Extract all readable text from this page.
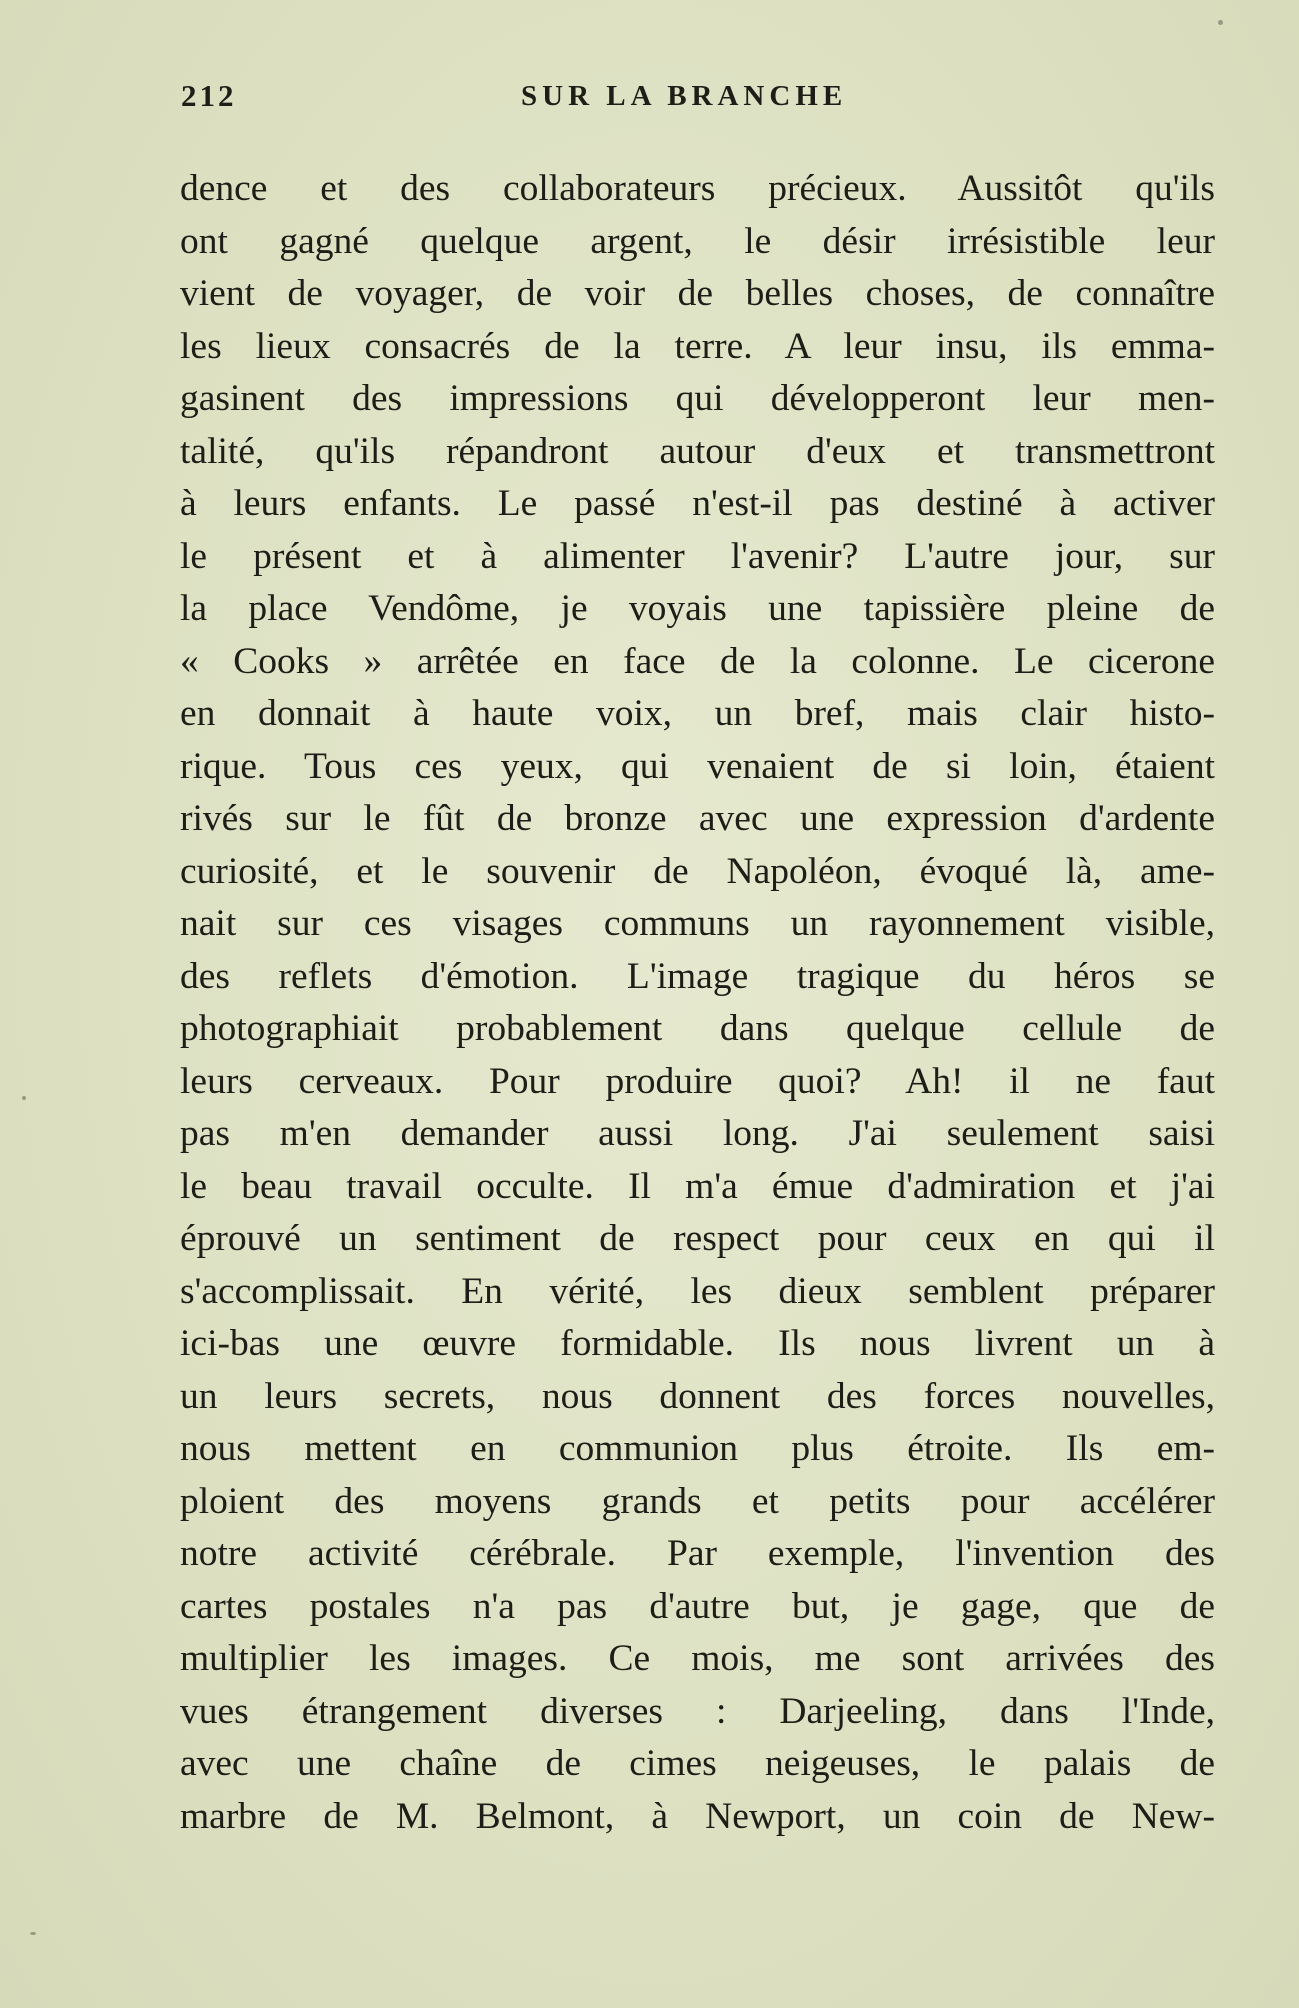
212	SUR LA BRANCHE
dence et des collaborateurs précieux. Aussitôt qu'ils
ont gagné quelque argent, le désir irrésistible leur
vient de voyager, de voir de belles choses, de connaître
les lieux consacrés de la terre. A leur insu, ils emma-
gasinent des impressions qui développeront leur men-
talité, qu'ils répandront autour d'eux et transmettront
à leurs enfants. Le passé n'est-il pas destiné à activer
le présent et à alimenter l'avenir? L'autre jour, sur
la place Vendôme, je voyais une tapissière pleine de
« Cooks » arrêtée en face de la colonne. Le cicerone
en donnait à haute voix, un bref, mais clair histo-
rique. Tous ces yeux, qui venaient de si loin, étaient
rivés sur le fût de bronze avec une expression d'ardente
curiosité, et le souvenir de Napoléon, évoqué là, ame-
nait sur ces visages communs un rayonnement visible,
des reflets d'émotion. L'image tragique du héros se
photographiait probablement dans quelque cellule de
leurs cerveaux. Pour produire quoi? Ah! il ne faut
pas m'en demander aussi long. J'ai seulement saisi
le beau travail occulte. Il m'a émue d'admiration et j'ai
éprouvé un sentiment de respect pour ceux en qui il
s'accomplissait. En vérité, les dieux semblent préparer
ici-bas une œuvre formidable. Ils nous livrent un à
un leurs secrets, nous donnent des forces nouvelles,
nous mettent en communion plus étroite. Ils em-
ploient des moyens grands et petits pour accélérer
notre activité cérébrale. Par exemple, l'invention des
cartes postales n'a pas d'autre but, je gage, que de
multiplier les images. Ce mois, me sont arrivées des
vues étrangement diverses : Darjeeling, dans l'Inde,
avec une chaîne de cimes neigeuses, le palais de
marbre de M. Belmont, à Newport, un coin de New-
